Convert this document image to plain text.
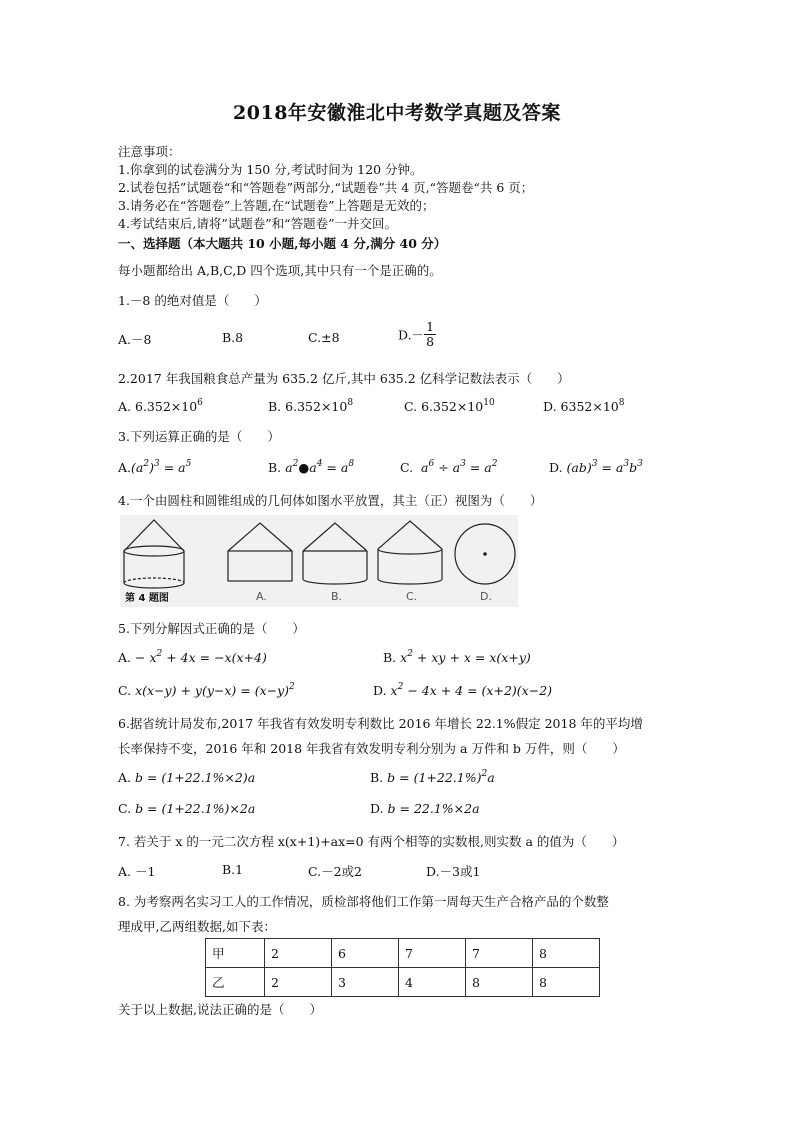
2018年安徽淮北中考数学真题及答案
注意事项：
1.你拿到的试卷满分为 150 分,考试时间为 120 分钟。
2.试卷包括”试题卷“和“答题卷”两部分,“试题卷”共 4 页,“答题卷“共 6 页；
3.请务必在“答题卷”上答题,在“试题卷”上答题是无效的；
4.考试结束后,请将”试题卷”和“答题卷”一并交回。
一、选择题（本大题共 10 小题,每小题 4 分,满分 40 分）
每小题都给出 A,B,C,D 四个选项,其中只有一个是正确的。
1.－8 的绝对值是（　　）
A.－8	B.8	C.±8	$D.- \frac{1}{8}$
2.2017 年我国粮食总产量为 635.2 亿斤,其中 635.2 亿科学记数法表示（　　）
A. $6.352\times 10^6$	B. $6.352\times 10^8$	C. $6.352\times 10^{10}$	D. $6352\times 10^8$
3.下列运算正确的是（　　）
$A.(a^2)^3 = a^5$	B. $a^2●a^4 = a^8$	C. $a^6 \div a^3 = a^2$	D. $(ab)^3 = a^3b^3$
4.一个由圆柱和圆锥组成的几何体如图水平放置，其主（正）视图为（　　）
A.	B.	C.	D.
第 4 题图
5.下列分解因式正确的是（　　）
A. − $x^2 + 4x = -x(x+4)$	B. $x^2$ + xy + x = x(x+y)
C. $x(x-y) + y(y-x) = (x-y)^2$	D. $x^2 - 4x + 4 = (x+2)(x-2)$
6.据省统计局发布,2017 年我省有效发明专利数比 2016 年增长 22.1%假定 2018 年的平均增
长率保持不变，2016 年和 2018 年我省有效发明专利分别为 a 万件和 b 万件，则（　　）
A. b = (1+22.1%×2)a	B. $b = (1+22.1\%)^2a$
C. b = (1+22.1%)×2a	D. b = 22.1%×2a
7. 若关于 x 的一元二次方程 x(x+1)+ax=0 有两个相等的实数根,则实数 a 的值为（　　）
A. －1	B.1	C.－2或2	D.－3或1
8. 为考察两名实习工人的工作情况，质检部将他们工作第一周每天生产合格产品的个数整
理成甲,乙两组数据,如下表：
甲	2	6	7	7	8
乙	2	3	4	8	8
关于以上数据,说法正确的是（　　）
